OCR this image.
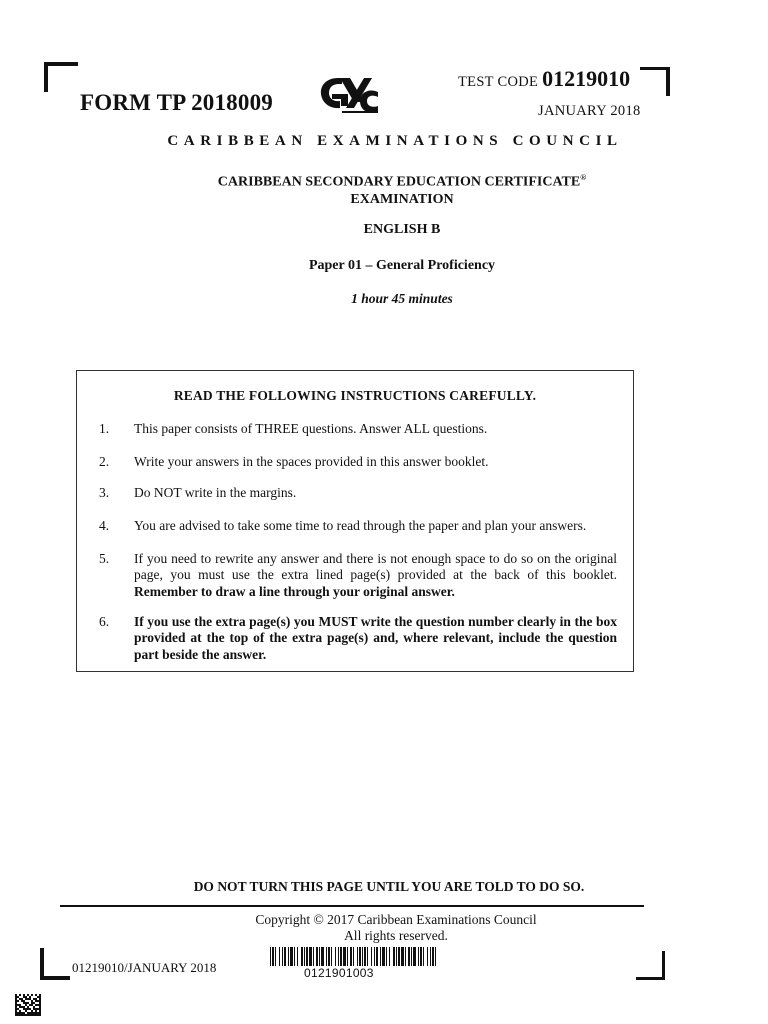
FORM TP 2018009
TEST CODE 01219010
JANUARY 2018
CARIBBEAN EXAMINATIONS COUNCIL
CARIBBEAN SECONDARY EDUCATION CERTIFICATE®
EXAMINATION
ENGLISH B
Paper 01 – General Proficiency
1 hour 45 minutes
READ THE FOLLOWING INSTRUCTIONS CAREFULLY.
1. This paper consists of THREE questions. Answer ALL questions.
2. Write your answers in the spaces provided in this answer booklet.
3. Do NOT write in the margins.
4. You are advised to take some time to read through the paper and plan your answers.
5. If you need to rewrite any answer and there is not enough space to do so on the original page, you must use the extra lined page(s) provided at the back of this booklet. Remember to draw a line through your original answer.
6. If you use the extra page(s) you MUST write the question number clearly in the box provided at the top of the extra page(s) and, where relevant, include the question part beside the answer.
DO NOT TURN THIS PAGE UNTIL YOU ARE TOLD TO DO SO.
Copyright © 2017 Caribbean Examinations Council
All rights reserved.
0121901003
01219010/JANUARY 2018
